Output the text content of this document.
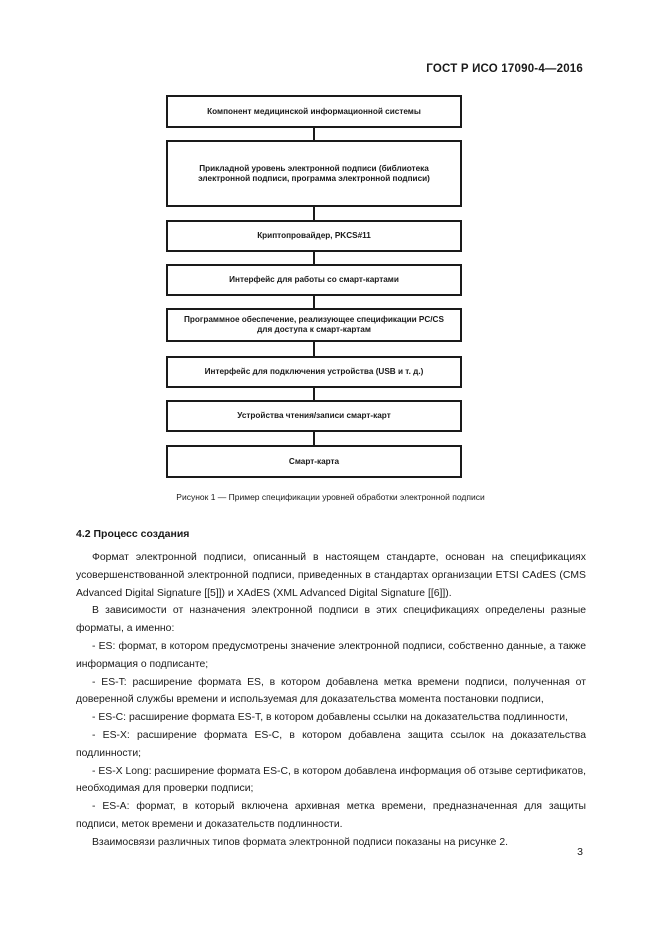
ГОСТ Р ИСО 17090-4—2016
Компонент медицинской информационной системы
Прикладной уровень электронной подписи (библиотека электронной подписи, программа электронной подписи)
Криптопровайдер, PKCS#11
Интерфейс для работы со смарт-картами
Программное обеспечение, реализующее спецификации PC/CS для доступа к смарт-картам
Интерфейс для подключения устройства (USB и т. д.)
Устройства чтения/записи смарт-карт
Смарт-карта
Рисунок 1 — Пример спецификации уровней обработки электронной подписи
4.2 Процесс создания

Формат электронной подписи, описанный в настоящем стандарте, основан на спецификациях усовершенствованной электронной подписи, приведенных в стандартах организации ETSI CAdES (CMS Advanced Digital Signature [[5]]) и XAdES (XML Advanced Digital Signature [[6]]).

В зависимости от назначения электронной подписи в этих спецификациях определены разные форматы, а именно:

- ES: формат, в котором предусмотрены значение электронной подписи, собственно данные, а также информация о подписанте;

- ES-T: расширение формата ES, в котором добавлена метка времени подписи, полученная от доверенной службы времени и используемая для доказательства момента постановки подписи,

- ES-C: расширение формата ES-T, в котором добавлены ссылки на доказательства подлинности,

- ES-X: расширение формата ES-C, в котором добавлена защита ссылок на доказательства подлинности;

- ES-X Long: расширение формата ES-C, в котором добавлена информация об отзыве сертификатов, необходимая для проверки подписи;

- ES-A: формат, в который включена архивная метка времени, предназначенная для защиты подписи, меток времени и доказательств подлинности.

Взаимосвязи различных типов формата электронной подписи показаны на рисунке 2.

3
